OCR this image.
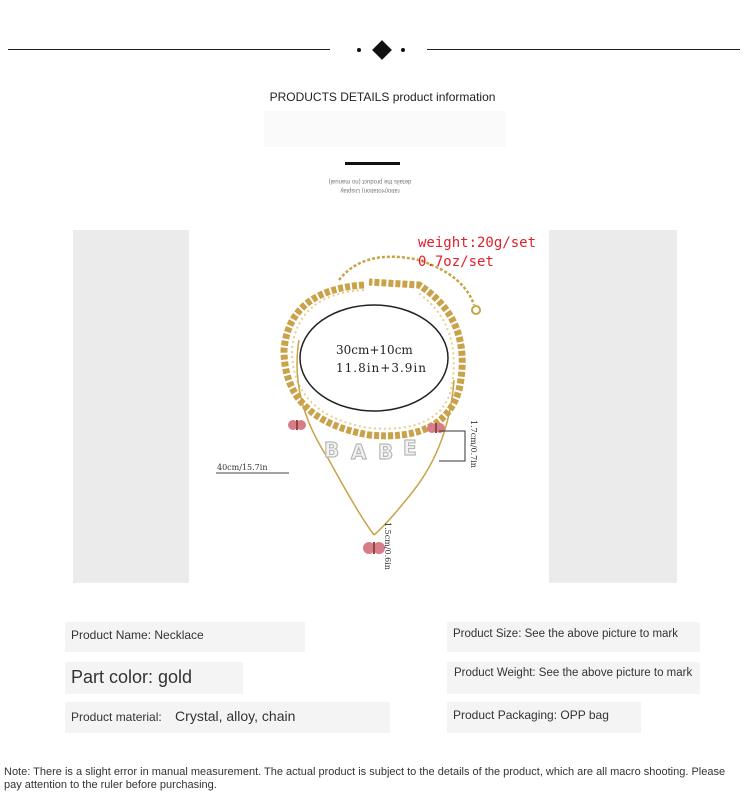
PRODUCTS DETAILS product information
ratio(Rotation) Display
details the product (no manual)
B A B E
30cm+10cm
11.8in+3.9in
40cm/15.7in	1.7cm/0.7in
1.5cm/0.6in
weight:20g/set
0.7oz/set
Product Name: Necklace	Product Size: See the above picture to mark
Part color: gold	Product Weight: See the above picture to mark
Product material: Crystal, alloy, chain	Product Packaging: OPP bag
Note: There is a slight error in manual measurement. The actual product is subject to the details of the product, which are all macro shooting. Please pay attention to the ruler before purchasing.
